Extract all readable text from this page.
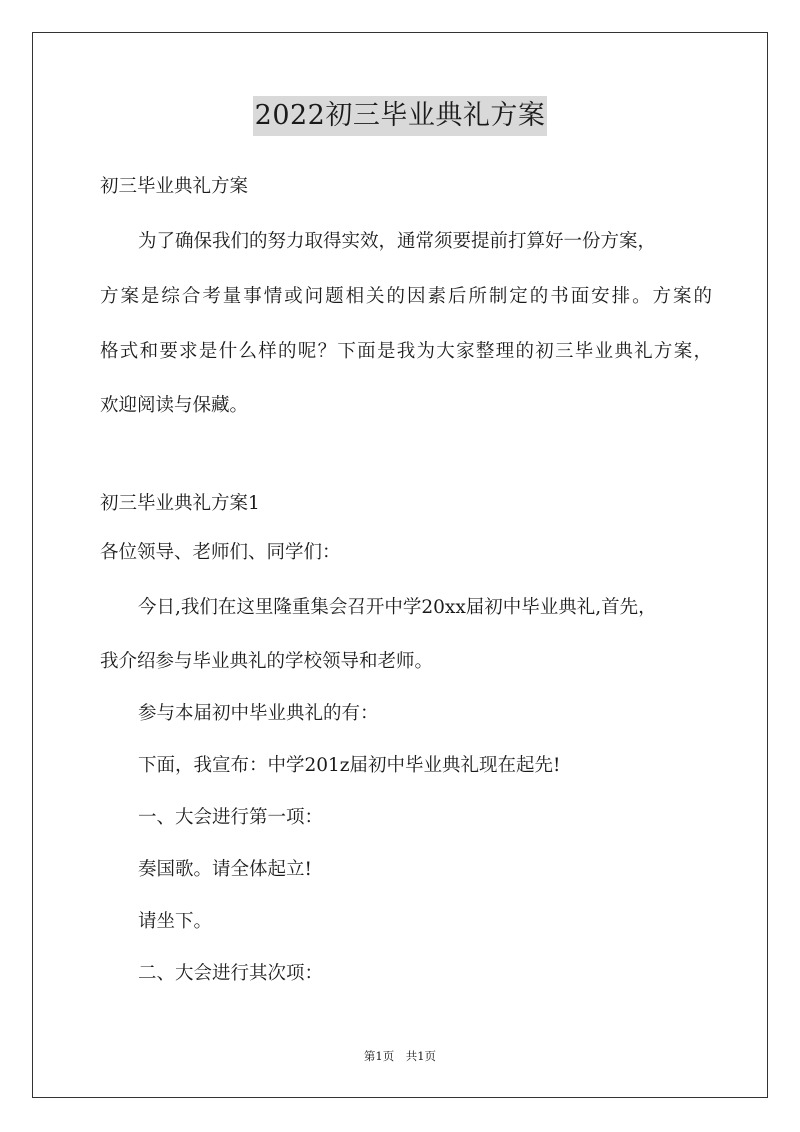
2022初三毕业典礼方案
初三毕业典礼方案
为了确保我们的努力取得实效，通常须要提前打算好一份方案，
方案是综合考量事情或问题相关的因素后所制定的书面安排。方案的
格式和要求是什么样的呢？下面是我为大家整理的初三毕业典礼方案，
欢迎阅读与保藏。
初三毕业典礼方案1
各位领导、老师们、同学们：
今日,我们在这里隆重集会召开中学20xx届初中毕业典礼,首先，
我介绍参与毕业典礼的学校领导和老师。
参与本届初中毕业典礼的有：
下面，我宣布：中学201z届初中毕业典礼现在起先!
一、大会进行第一项：
奏国歌。请全体起立!
请坐下。
二、大会进行其次项：
第1页　共1页
